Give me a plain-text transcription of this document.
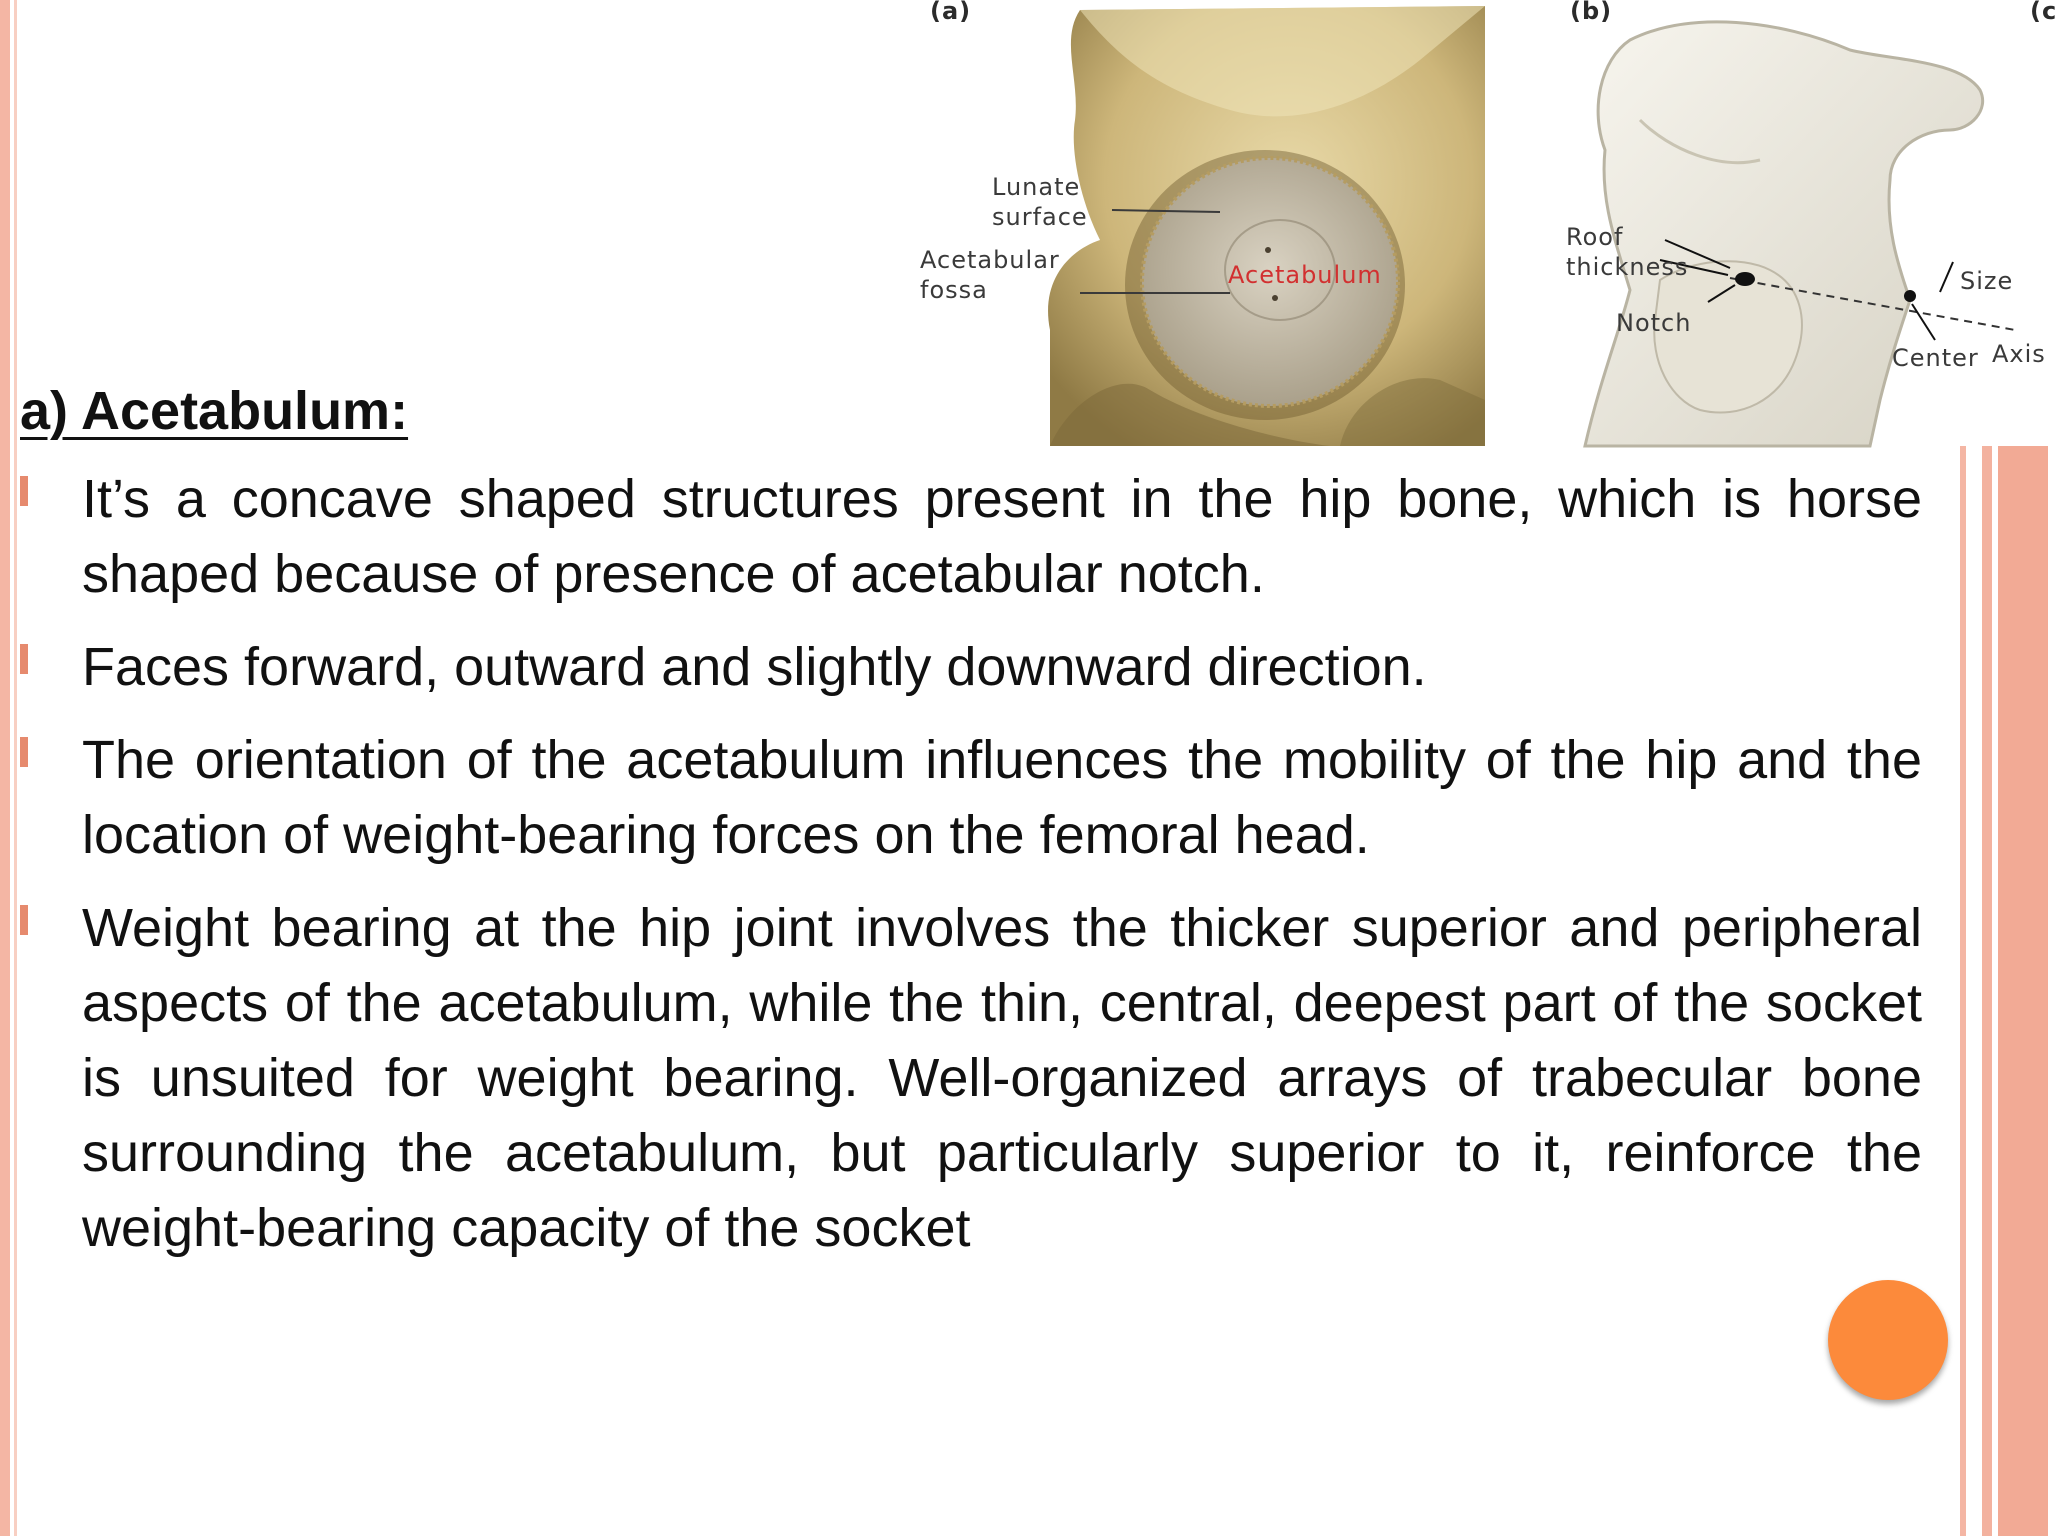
(a)	(b)	(c
Lunate
surface
Acetabular
fossa
Acetabulum
Roof
thickness
Notch
Center Axis
Size
a) Acetabulum:
It’s a concave shaped structures present in the hip bone, which is horse shaped because of presence of acetabular notch.
Faces forward, outward and slightly downward direction.
The orientation of the acetabulum influences the mobility of the hip and the location of weight-bearing forces on the femoral head.
Weight bearing at the hip joint involves the thicker superior and peripheral aspects of the acetabulum, while the thin, central, deepest part of the socket is unsuited for weight bearing. Well-organized arrays of trabecular bone surrounding the acetabulum, but particularly superior to it, reinforce the weight-bearing capacity of the socket
